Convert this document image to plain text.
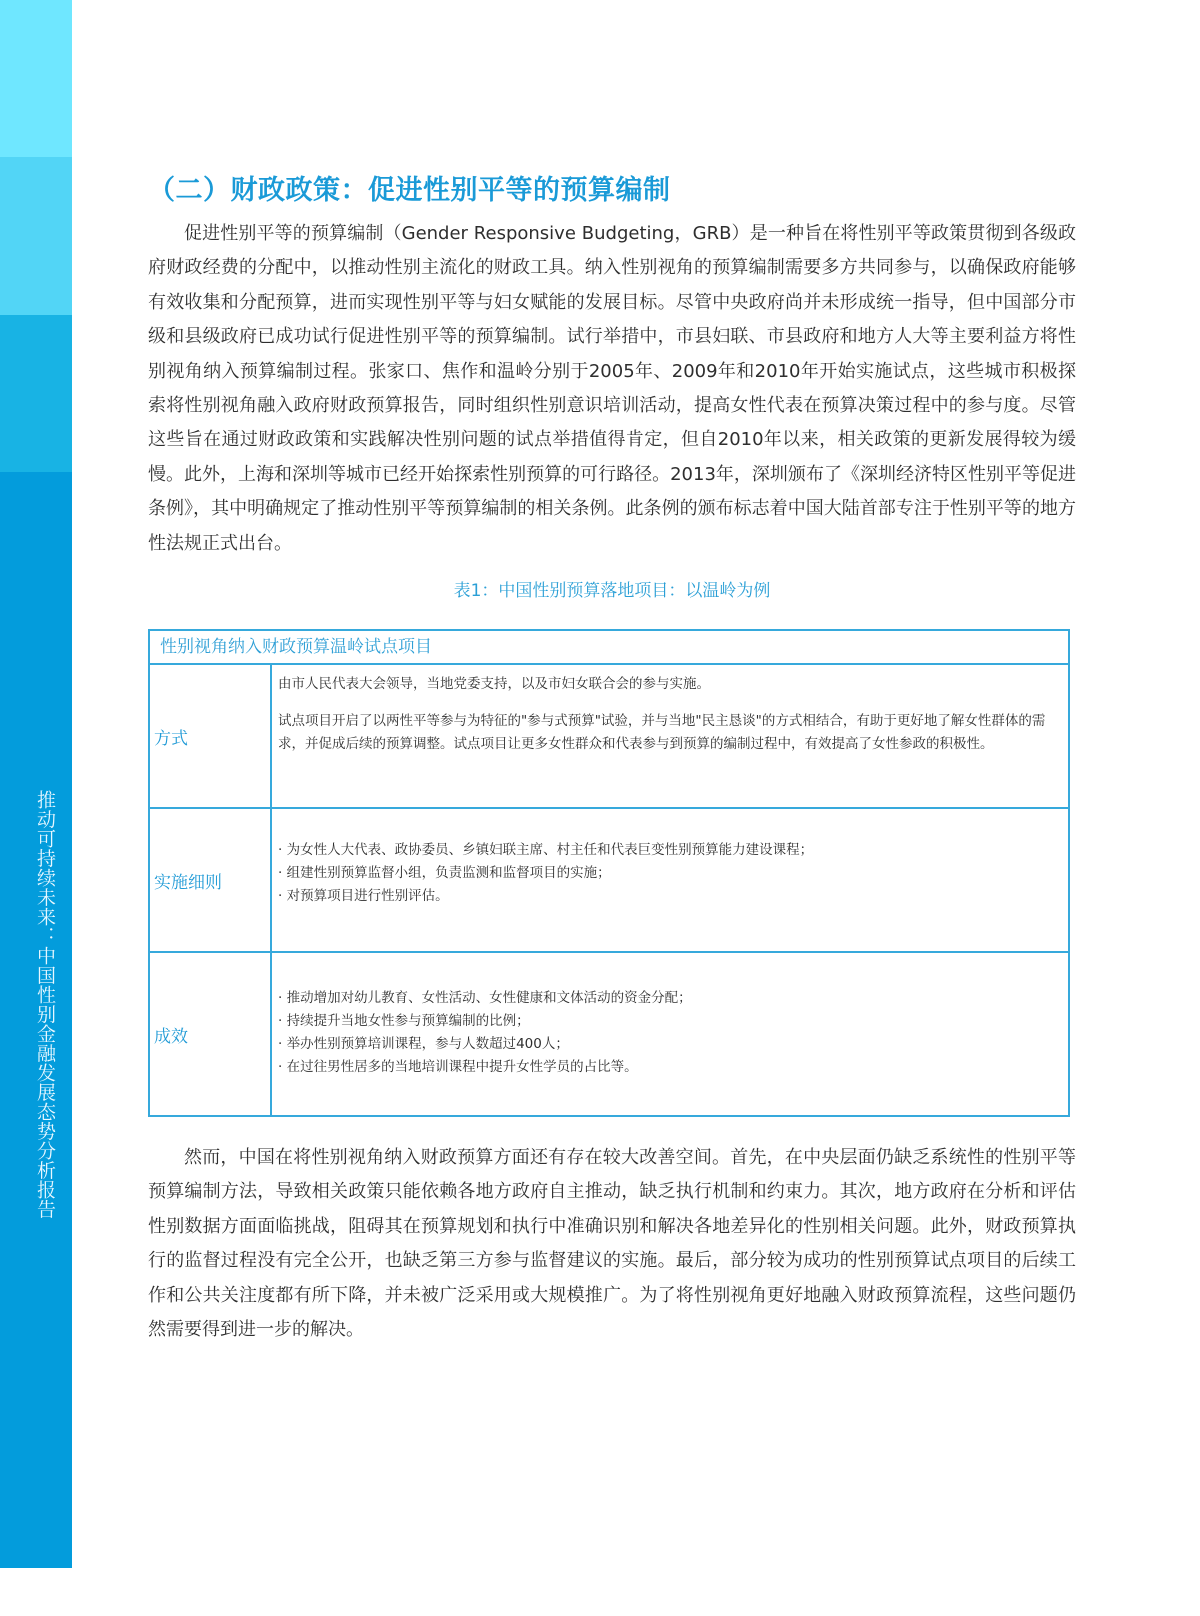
推动可持续未来：中国性别金融发展态势分析报告
（二）财政政策：促进性别平等的预算编制

促进性别平等的预算编制（Gender Responsive Budgeting，GRB）是一种旨在将性别平等政策贯彻到各级政府财政经费的分配中，以推动性别主流化的财政工具。纳入性别视角的预算编制需要多方共同参与，以确保政府能够有效收集和分配预算，进而实现性别平等与妇女赋能的发展目标。尽管中央政府尚并未形成统一指导，但中国部分市级和县级政府已成功试行促进性别平等的预算编制。试行举措中，市县妇联、市县政府和地方人大等主要利益方将性别视角纳入预算编制过程。张家口、焦作和温岭分别于2005年、2009年和2010年开始实施试点，这些城市积极探索将性别视角融入政府财政预算报告，同时组织性别意识培训活动，提高女性代表在预算决策过程中的参与度。尽管这些旨在通过财政政策和实践解决性别问题的试点举措值得肯定，但自2010年以来，相关政策的更新发展得较为缓慢。此外，上海和深圳等城市已经开始探索性别预算的可行路径。2013年，深圳颁布了《深圳经济特区性别平等促进条例》，其中明确规定了推动性别平等预算编制的相关条例。此条例的颁布标志着中国大陆首部专注于性别平等的地方性法规正式出台。

表1：中国性别预算落地项目：以温岭为例
性别视角纳入财政预算温岭试点项目
方式

由市人民代表大会领导，当地党委支持，以及市妇女联合会的参与实施。

试点项目开启了以两性平等参与为特征的"参与式预算"试验，并与当地"民主恳谈"的方式相结合，有助于更好地了解女性群体的需求，并促成后续的预算调整。试点项目让更多女性群众和代表参与到预算的编制过程中，有效提高了女性参政的积极性。

实施细则
· 为女性人大代表、政协委员、乡镇妇联主席、村主任和代表巨变性别预算能力建设课程；
· 组建性别预算监督小组，负责监测和监督项目的实施；
· 对预算项目进行性别评估。
成效
· 推动增加对幼儿教育、女性活动、女性健康和文体活动的资金分配；
· 持续提升当地女性参与预算编制的比例；
· 举办性别预算培训课程，参与人数超过400人；
· 在过往男性居多的当地培训课程中提升女性学员的占比等。

然而，中国在将性别视角纳入财政预算方面还有存在较大改善空间。首先，在中央层面仍缺乏系统性的性别平等预算编制方法，导致相关政策只能依赖各地方政府自主推动，缺乏执行机制和约束力。其次，地方政府在分析和评估性别数据方面面临挑战，阻碍其在预算规划和执行中准确识别和解决各地差异化的性别相关问题。此外，财政预算执行的监督过程没有完全公开，也缺乏第三方参与监督建议的实施。最后，部分较为成功的性别预算试点项目的后续工作和公共关注度都有所下降，并未被广泛采用或大规模推广。为了将性别视角更好地融入财政预算流程，这些问题仍然需要得到进一步的解决。
